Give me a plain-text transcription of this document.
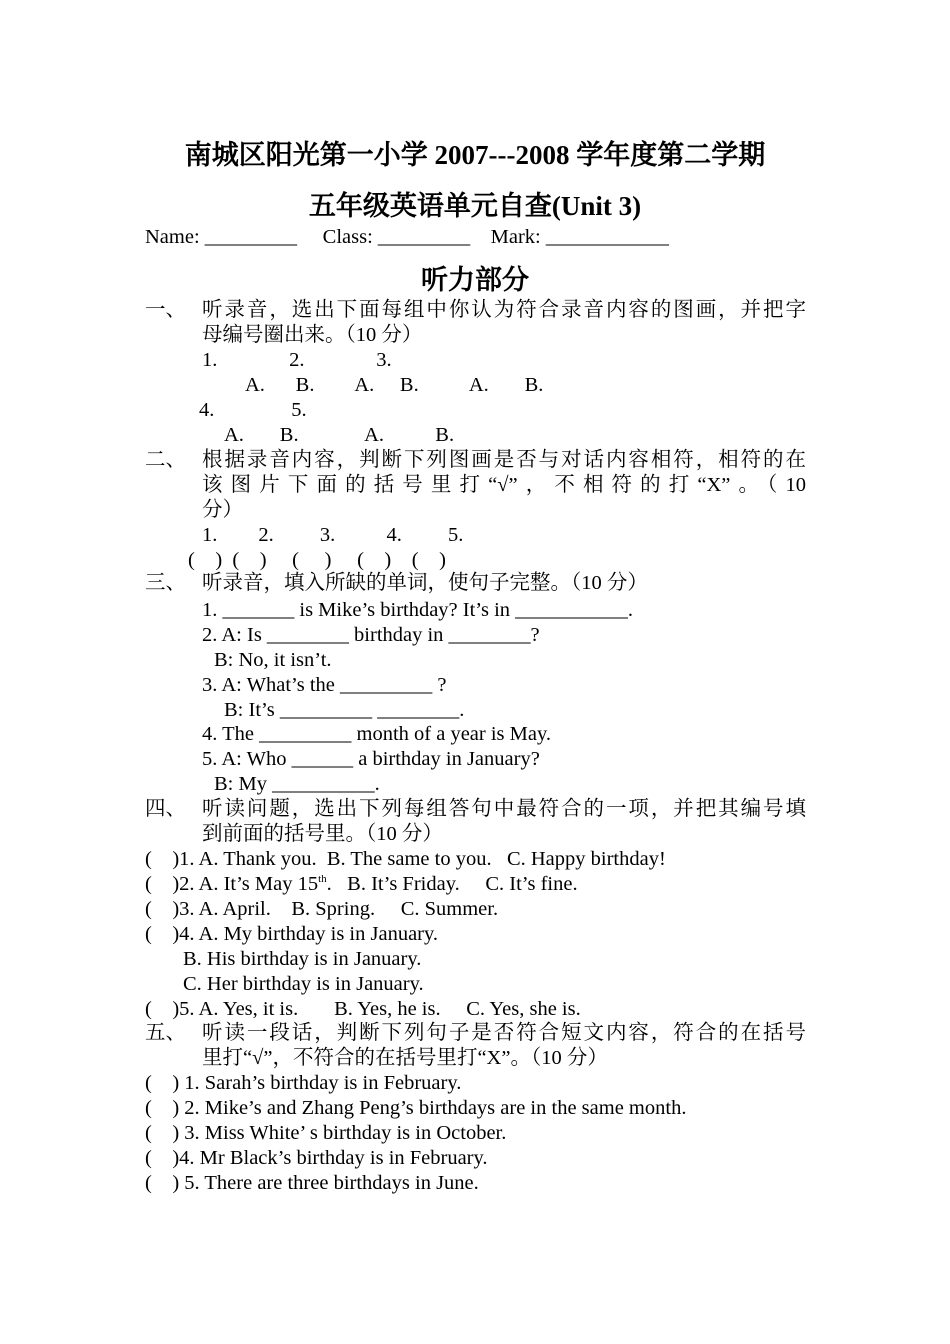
南城区阳光第一小学 2007---2008 学年度第二学期
五年级英语单元自查(Unit 3)
Name: _________     Class: _________    Mark: ____________
听力部分
一、 听录音，选出下面每组中你认为符合录音内容的图画，并把字
母编号圈出来。（10 分）
1.              2.              3.
A.      B.        A.     B.          A.       B.
4.               5.
A.       B.             A.          B.
二、 根据录音内容，判断下列图画是否与对话内容相符，相符的在
该图片下面的括号里打“√”，不相符的打“X”。（10
分）
1.        2.         3.          4.         5.
(    )  (    )     (     )     (    )    (    )
三、 听录音，填入所缺的单词，使句子完整。（10 分）
1. _______ is Mike’s birthday? It’s in ___________.
2. A: Is ________ birthday in ________?
B: No, it isn’t.
3. A: What’s the _________ ?
B: It’s _________ ________.
4. The _________ month of a year is May.
5. A: Who ______ a birthday in January?
B: My __________.
四、 听读问题，选出下列每组答句中最符合的一项，并把其编号填
到前面的括号里。（10 分）
(    )1. A. Thank you.  B. The same to you.   C. Happy birthday!
(    )2. A. It’s May 15th.   B. It’s Friday.     C. It’s fine.
(    )3. A. April.    B. Spring.     C. Summer.
(    )4. A. My birthday is in January.
B. His birthday is in January.
C. Her birthday is in January.
(    )5. A. Yes, it is.       B. Yes, he is.     C. Yes, she is.
五、 听读一段话，判断下列句子是否符合短文内容，符合的在括号
里打“√”，不符合的在括号里打“X”。（10 分）
(    ) 1. Sarah’s birthday is in February.
(    ) 2. Mike’s and Zhang Peng’s birthdays are in the same month.
(    ) 3. Miss White’ s birthday is in October.
(    )4. Mr Black’s birthday is in February.
(    ) 5. There are three birthdays in June.
